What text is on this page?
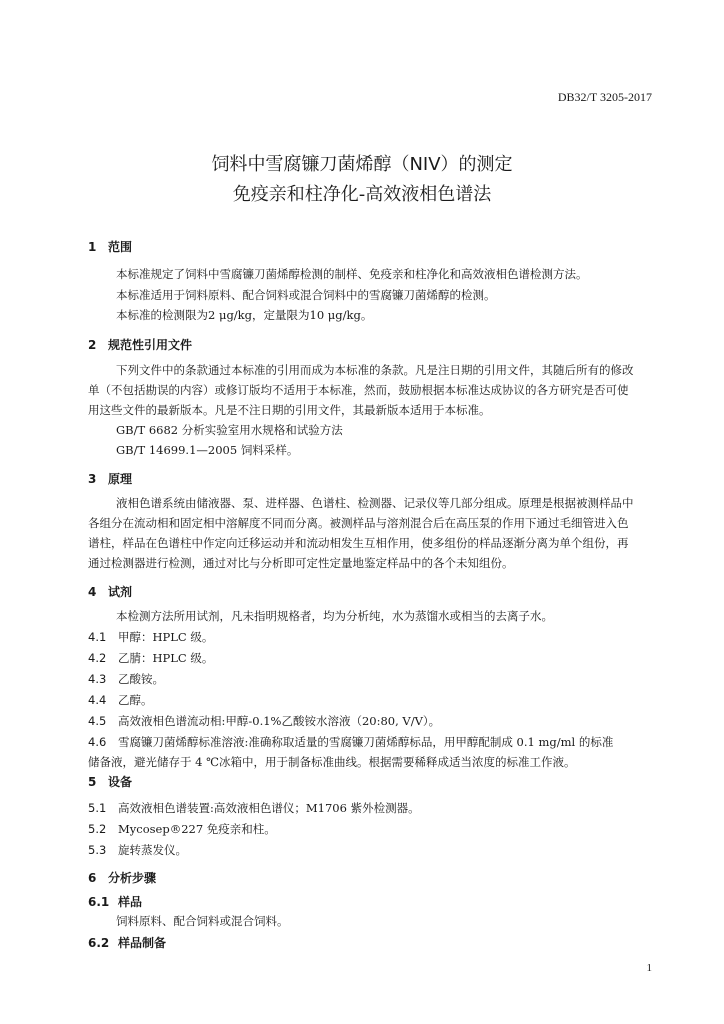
DB32/T 3205-2017
饲料中雪腐镰刀菌烯醇（NIV）的测定
免疫亲和柱净化-高效液相色谱法
1 范围
本标准规定了饲料中雪腐镰刀菌烯醇检测的制样、免疫亲和柱净化和高效液相色谱检测方法。
本标准适用于饲料原料、配合饲料或混合饲料中的雪腐镰刀菌烯醇的检测。
本标准的检测限为2 μg/kg，定量限为10 μg/kg。
2 规范性引用文件
下列文件中的条款通过本标准的引用而成为本标准的条款。凡是注日期的引用文件，其随后所有的修改单（不包括勘误的内容）或修订版均不适用于本标准，然而，鼓励根据本标准达成协议的各方研究是否可使用这些文件的最新版本。凡是不注日期的引用文件，其最新版本适用于本标准。
GB/T 6682 分析实验室用水规格和试验方法
GB/T 14699.1—2005 饲料采样。
3 原理
液相色谱系统由储液器、泵、进样器、色谱柱、检测器、记录仪等几部分组成。原理是根据被测样品中各组分在流动相和固定相中溶解度不同而分离。被测样品与溶剂混合后在高压泵的作用下通过毛细管进入色谱柱，样品在色谱柱中作定向迁移运动并和流动相发生互相作用，使多组份的样品逐渐分离为单个组份，再通过检测器进行检测，通过对比与分析即可定性定量地鉴定样品中的各个未知组份。
4 试剂
本检测方法所用试剂，凡未指明规格者，均为分析纯，水为蒸馏水或相当的去离子水。
4.1 甲醇：HPLC 级。
4.2 乙腈：HPLC 级。
4.3 乙酸铵。
4.4 乙醇。
4.5 高效液相色谱流动相:甲醇-0.1%乙酸铵水溶液（20:80, V/V）。
4.6 雪腐镰刀菌烯醇标准溶液:准确称取适量的雪腐镰刀菌烯醇标品，用甲醇配制成 0.1 mg/ml 的标准
储备液，避光储存于 4 ℃冰箱中，用于制备标准曲线。根据需要稀释成适当浓度的标准工作液。
5 设备
5.1 高效液相色谱装置:高效液相色谱仪；M1706 紫外检测器。
5.2 Mycosep®227 免疫亲和柱。
5.3 旋转蒸发仪。
6 分析步骤
6.1 样品
饲料原料、配合饲料或混合饲料。
6.2 样品制备
1
